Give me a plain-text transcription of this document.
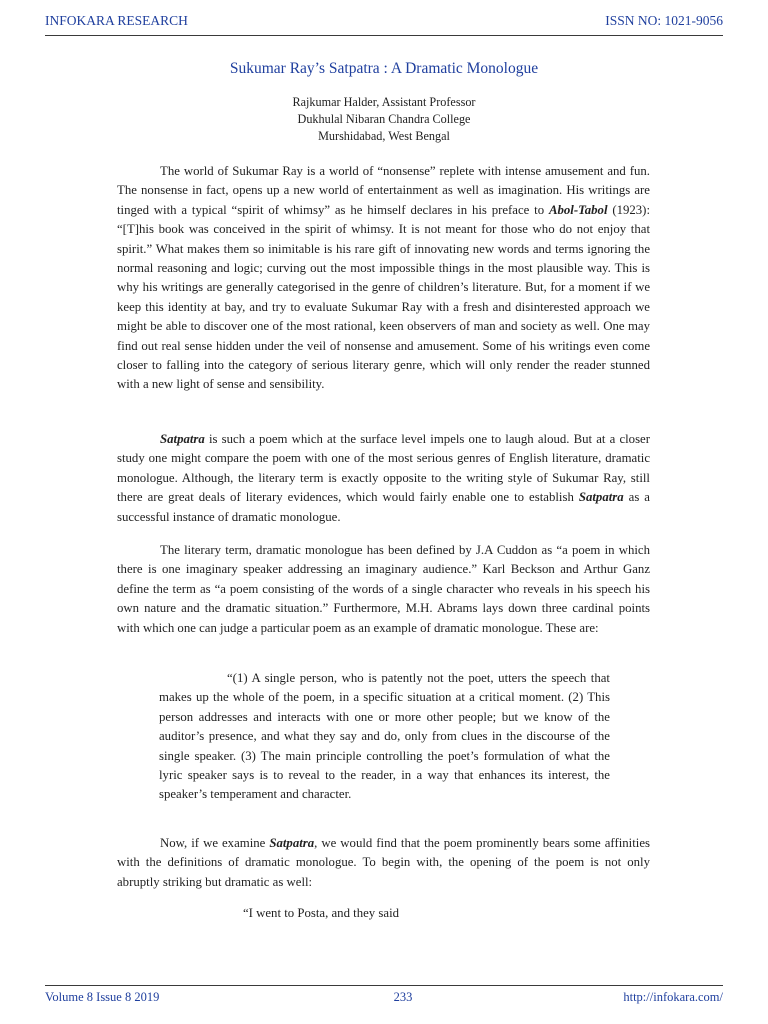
INFOKARA RESEARCH	ISSN NO: 1021-9056
Sukumar Ray’s Satpatra : A Dramatic Monologue
Rajkumar Halder, Assistant Professor
Dukhulal Nibaran Chandra College
Murshidabad, West Bengal

The world of Sukumar Ray is a world of “nonsense” replete with intense amusement and fun. The nonsense in fact, opens up a new world of entertainment as well as imagination. His writings are tinged with a typical “spirit of whimsy” as he himself declares in his preface to Abol-Tabol (1923): “[T]his book was conceived in the spirit of whimsy. It is not meant for those who do not enjoy that spirit.” What makes them so inimitable is his rare gift of innovating new words and terms ignoring the normal reasoning and logic; curving out the most impossible things in the most plausible way. This is why his writings are generally categorised in the genre of children’s literature. But, for a moment if we keep this identity at bay, and try to evaluate Sukumar Ray with a fresh and disinterested approach we might be able to discover one of the most rational, keen observers of man and society as well. One may find out real sense hidden under the veil of nonsense and amusement. Some of his writings even come closer to falling into the category of serious literary genre, which will only render the reader stunned with a new light of sense and sensibility.

Satpatra is such a poem which at the surface level impels one to laugh aloud. But at a closer study one might compare the poem with one of the most serious genres of English literature, dramatic monologue. Although, the literary term is exactly opposite to the writing style of Sukumar Ray, still there are great deals of literary evidences, which would fairly enable one to establish Satpatra as a successful instance of dramatic monologue.

The literary term, dramatic monologue has been defined by J.A Cuddon as “a poem in which there is one imaginary speaker addressing an imaginary audience.” Karl Beckson and Arthur Ganz define the term as “a poem consisting of the words of a single character who reveals in his speech his own nature and the dramatic situation.” Furthermore, M.H. Abrams lays down three cardinal points with which one can judge a particular poem as an example of dramatic monologue. These are:

“(1) A single person, who is patently not the poet, utters the speech that makes up the whole of the poem, in a specific situation at a critical moment. (2) This person addresses and interacts with one or more other people; but we know of the auditor’s presence, and what they say and do, only from clues in the discourse of the single speaker. (3) The main principle controlling the poet’s formulation of what the lyric speaker says is to reveal to the reader, in a way that enhances its interest, the speaker’s temperament and character.

Now, if we examine Satpatra, we would find that the poem prominently bears some affinities with the definitions of dramatic monologue. To begin with, the opening of the poem is not only abruptly striking but dramatic as well:

“I went to Posta, and they said
Volume 8 Issue 8 2019	233	http://infokara.com/
